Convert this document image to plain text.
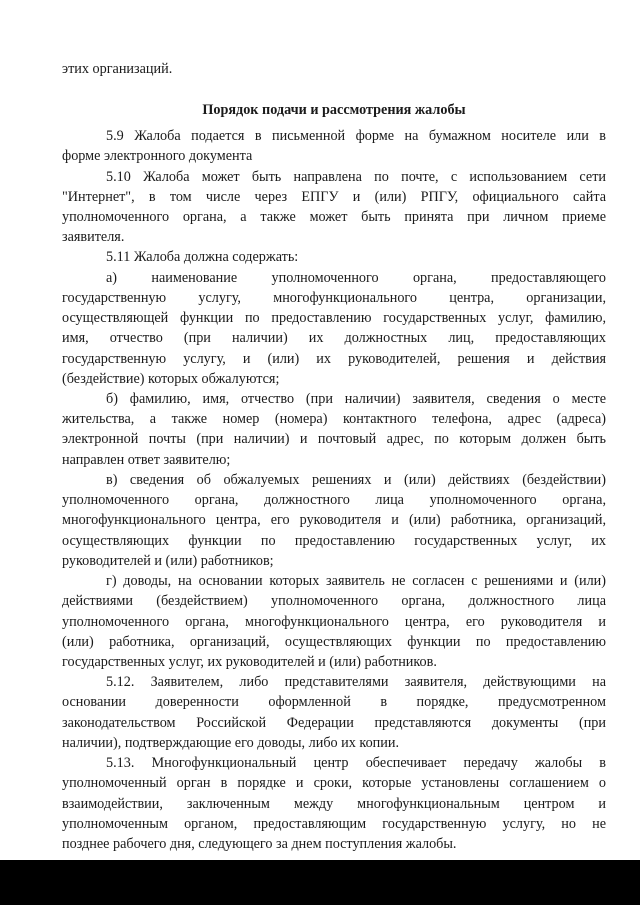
этих организаций.
Порядок подачи и рассмотрения жалобы
5.9 Жалоба подается в письменной форме на бумажном носителе или в
форме электронного документа
5.10 Жалоба может быть направлена по почте, с использованием сети
"Интернет", в том числе через ЕПГУ и (или) РПГУ, официального сайта
уполномоченного органа, а также может быть принята при личном приеме
заявителя.
5.11 Жалоба должна содержать:
а) наименование уполномоченного органа, предоставляющего
государственную услугу, многофункционального центра, организации,
осуществляющей функции по предоставлению государственных услуг, фамилию,
имя, отчество (при наличии) их должностных лиц, предоставляющих
государственную услугу, и (или) их руководителей, решения и действия
(бездействие) которых обжалуются;
б) фамилию, имя, отчество (при наличии) заявителя, сведения о месте
жительства, а также номер (номера) контактного телефона, адрес (адреса)
электронной почты (при наличии) и почтовый адрес, по которым должен быть
направлен ответ заявителю;
в) сведения об обжалуемых решениях и (или) действиях (бездействии)
уполномоченного органа, должностного лица уполномоченного органа,
многофункционального центра, его руководителя и (или) работника, организаций,
осуществляющих функции по предоставлению государственных услуг, их
руководителей и (или) работников;
г) доводы, на основании которых заявитель не согласен с решениями и (или)
действиями (бездействием) уполномоченного органа, должностного лица
уполномоченного органа, многофункционального центра, его руководителя и
(или) работника, организаций, осуществляющих функции по предоставлению
государственных услуг, их руководителей и (или) работников.
5.12. Заявителем, либо представителями заявителя, действующими на
основании доверенности оформленной в порядке, предусмотренном
законодательством Российской Федерации представляются документы (при
наличии), подтверждающие его доводы, либо их копии.
5.13. Многофункциональный центр обеспечивает передачу жалобы в
уполномоченный орган в порядке и сроки, которые установлены соглашением о
взаимодействии, заключенным между многофункциональным центром и
уполномоченным органом, предоставляющим государственную услугу, но не
позднее рабочего дня, следующего за днем поступления жалобы.
